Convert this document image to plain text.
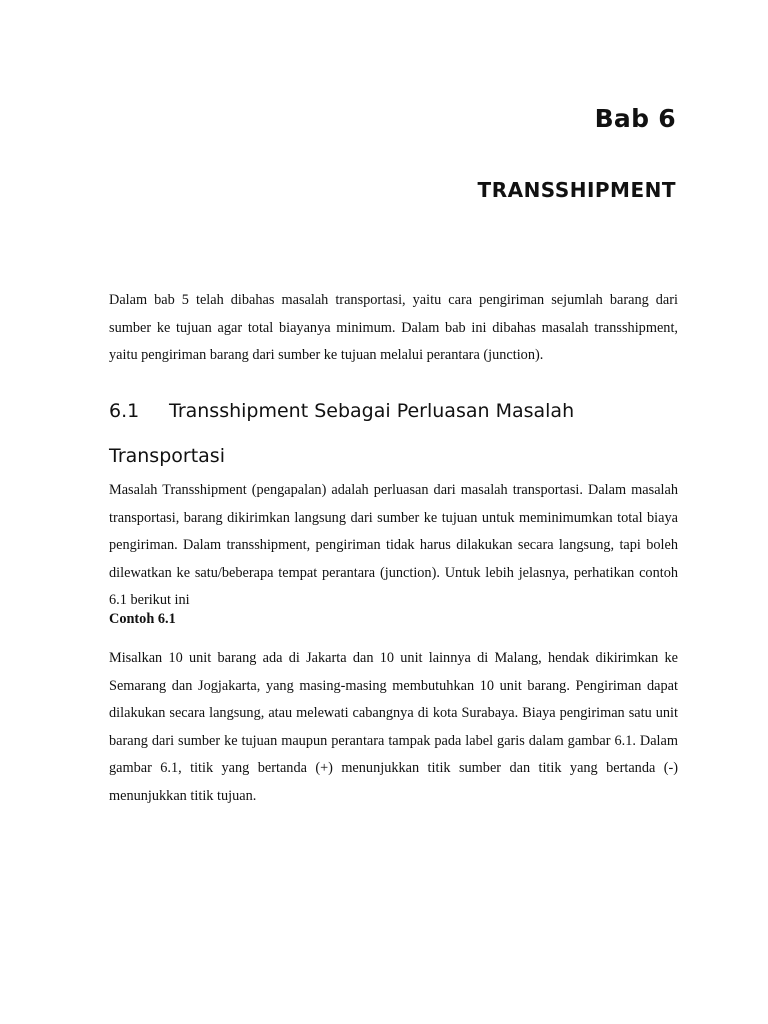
Bab 6
TRANSSHIPMENT

Dalam bab 5 telah dibahas masalah transportasi, yaitu cara pengiriman sejumlah barang dari sumber ke tujuan agar total biayanya minimum. Dalam bab ini dibahas masalah transshipment, yaitu pengiriman barang dari sumber ke tujuan melalui perantara (junction).

6.1 Transshipment Sebagai Perluasan Masalah Transportasi

Masalah Transshipment (pengapalan) adalah perluasan dari masalah transportasi. Dalam masalah transportasi, barang dikirimkan langsung dari sumber ke tujuan untuk meminimumkan total biaya pengiriman. Dalam transshipment, pengiriman tidak harus dilakukan secara langsung, tapi boleh dilewatkan ke satu/beberapa tempat perantara (junction). Untuk lebih jelasnya, perhatikan contoh 6.1 berikut ini

Contoh 6.1

Misalkan 10 unit barang ada di Jakarta dan 10 unit lainnya di Malang, hendak dikirimkan ke Semarang dan Jogjakarta, yang masing-masing membutuhkan 10 unit barang. Pengiriman dapat dilakukan secara langsung, atau melewati cabangnya di kota Surabaya. Biaya pengiriman satu unit barang dari sumber ke tujuan maupun perantara tampak pada label garis dalam gambar 6.1. Dalam gambar 6.1, titik yang bertanda (+) menunjukkan titik sumber dan titik yang bertanda (-) menunjukkan titik tujuan.
